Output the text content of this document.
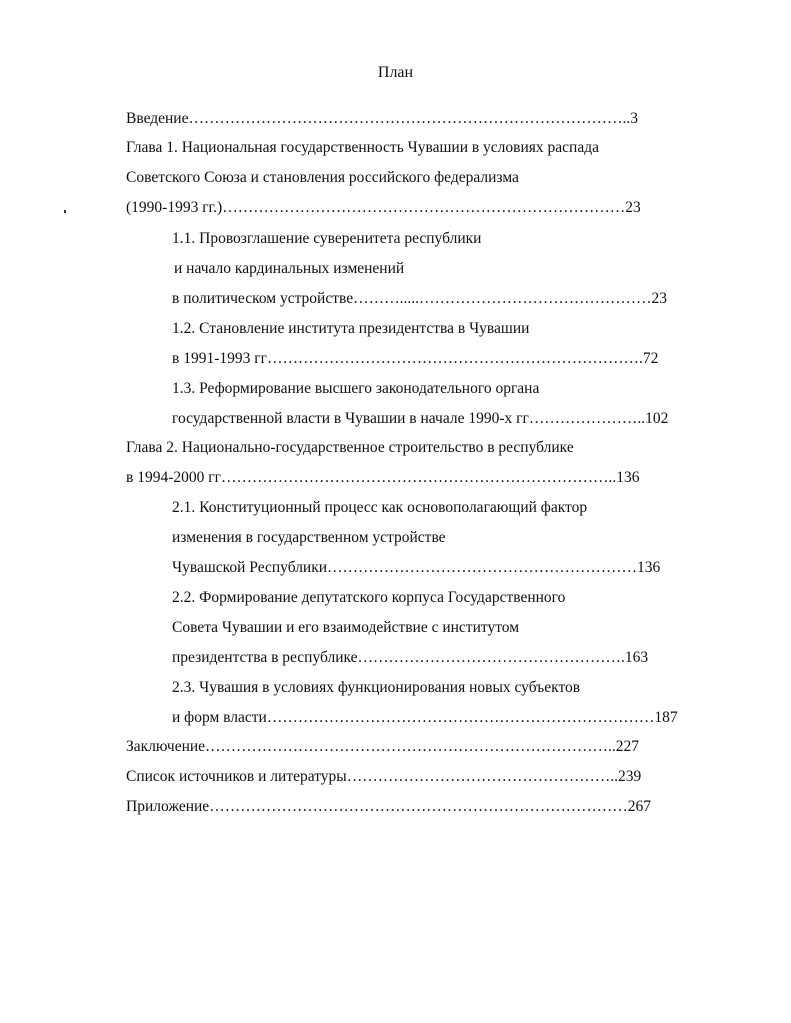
План
Введение…………………………………………………………………………..3
Глава 1. Национальная государственность Чувашии в условиях распада
Советского Союза и становления российского федерализма
(1990-1993 гг.)……………………………………………………………………23
1.1. Провозглашение суверенитета республики
и начало кардинальных изменений
в политическом устройстве……….....………………………………………23
1.2. Становление института президентства в Чувашии
в 1991-1993 гг……………………………………………………………….72
1.3. Реформирование высшего законодательного органа
государственной власти в Чувашии в начале 1990-х гг…………………..102
Глава 2. Национально-государственное строительство в республике
в 1994-2000 гг…………………………………………………………………..136
2.1. Конституционный процесс как основополагающий фактор
изменения в государственном устройстве
Чувашской Республики……………………………………………………136
2.2. Формирование депутатского корпуса Государственного
Совета Чувашии и его взаимодействие с институтом
президентства в республике…………………………………………….163
2.3. Чувашия в условиях функционирования новых субъектов
и форм власти…………………………………………………………………187
Заключение……………………………………………………………………..227
Список источников и литературы……………………………………………..239
Приложение………………………………………………………………………267
